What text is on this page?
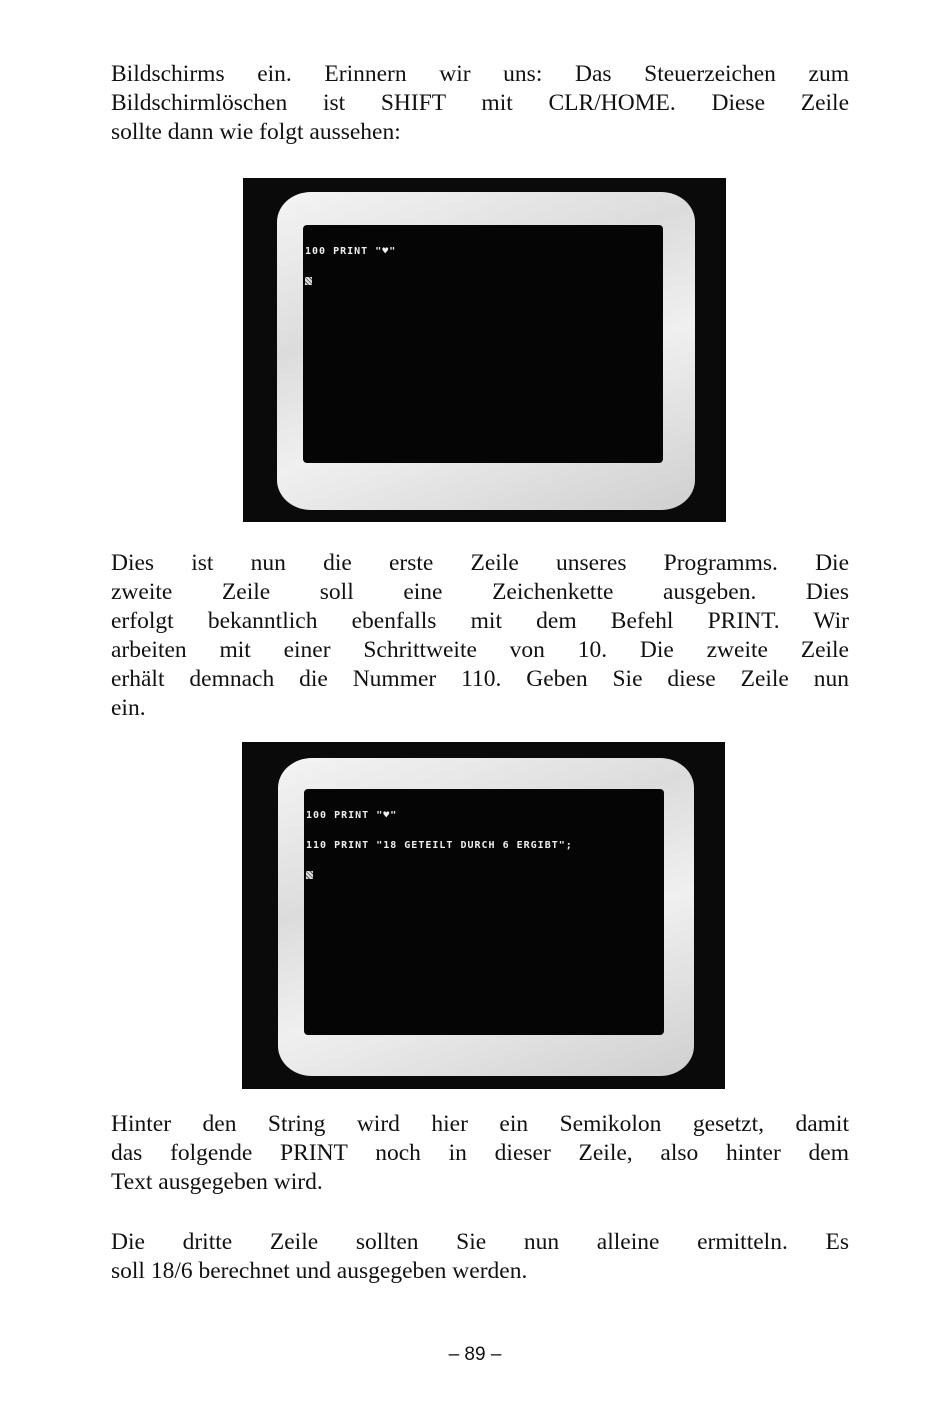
Bildschirms ein. Erinnern wir uns: Das Steuerzeichen zum
Bildschirmlöschen ist SHIFT mit CLR/HOME. Diese Zeile
sollte dann wie folgt aussehen:

100 PRINT "♥"

Dies ist nun die erste Zeile unseres Programms. Die
zweite Zeile soll eine Zeichenkette ausgeben. Dies
erfolgt bekanntlich ebenfalls mit dem Befehl PRINT. Wir
arbeiten mit einer Schrittweite von 10. Die zweite Zeile
erhält demnach die Nummer 110. Geben Sie diese Zeile nun
ein.

100 PRINT "♥"

110 PRINT "18 GETEILT DURCH 6 ERGIBT";

Hinter den String wird hier ein Semikolon gesetzt, damit
das folgende PRINT noch in dieser Zeile, also hinter dem
Text ausgegeben wird.

Die dritte Zeile sollten Sie nun alleine ermitteln. Es
soll 18/6 berechnet und ausgegeben werden.

– 89 –
